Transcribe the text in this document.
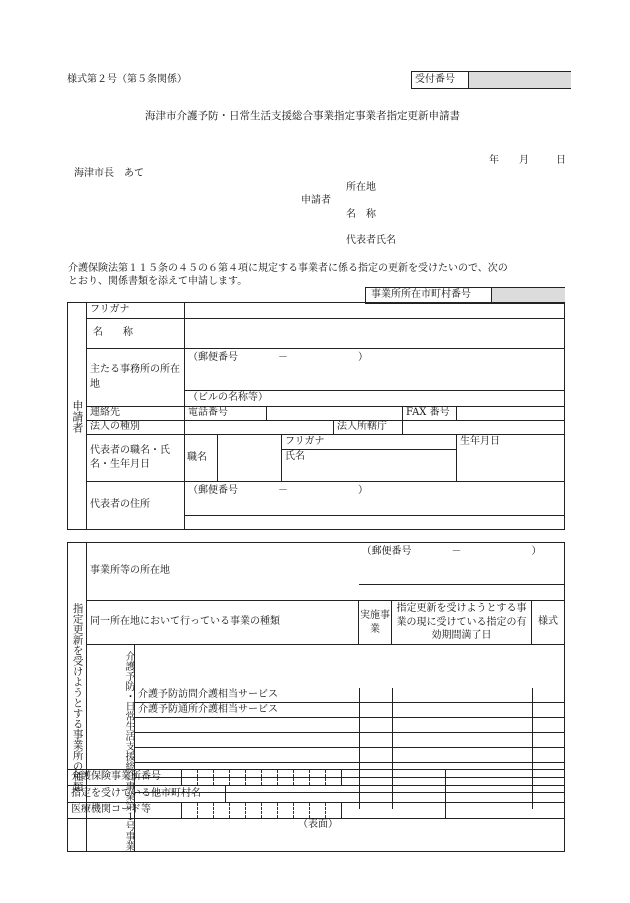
様式第２号（第５条関係）	受付番号
海津市介護予防・日常生活支援総合事業指定事業者指定更新申請書
年 月	日
海津市長　あて
所在地
申請者
名　称
代表者氏名
介護保険法第１１５条の４５の６第４項に規定する事業者に係る指定の更新を受けたいので、次の
とおり、関係書類を添えて申請します。
事業所所在市町村番号
申請者	フリガナ							
	名　　称							
	主たる事務所の所在地	（郵便番号　　　　－　　　　　　　）						
		（ビルの名称等）						
	連絡先	電話番号					FAX 番号	
	法人の種別					法人所轄庁		
	代表者の職名・氏名・生年月日	職名			フリガナ			生年月日
					氏名			
	代表者の住所	（郵便番号　　　　－　　　　　　　）						

指定更新を受けようとする事業所の種類	事業所等の所在地	（郵便番号　　　　－　　　　　　　）

同一所在地において行っている事業の種類	実施事業	指定更新を受けようとする事業の現に受けている指定の有効期間満了日	様式
介護予防・日常生活支援総合事業第１号事業	介護予防訪問介護相当サービス			
介護予防通所介護相当サービス			

介護保険事業所番号	

指定を受けている他市町村名		

医療機関コード等	

（表面）
